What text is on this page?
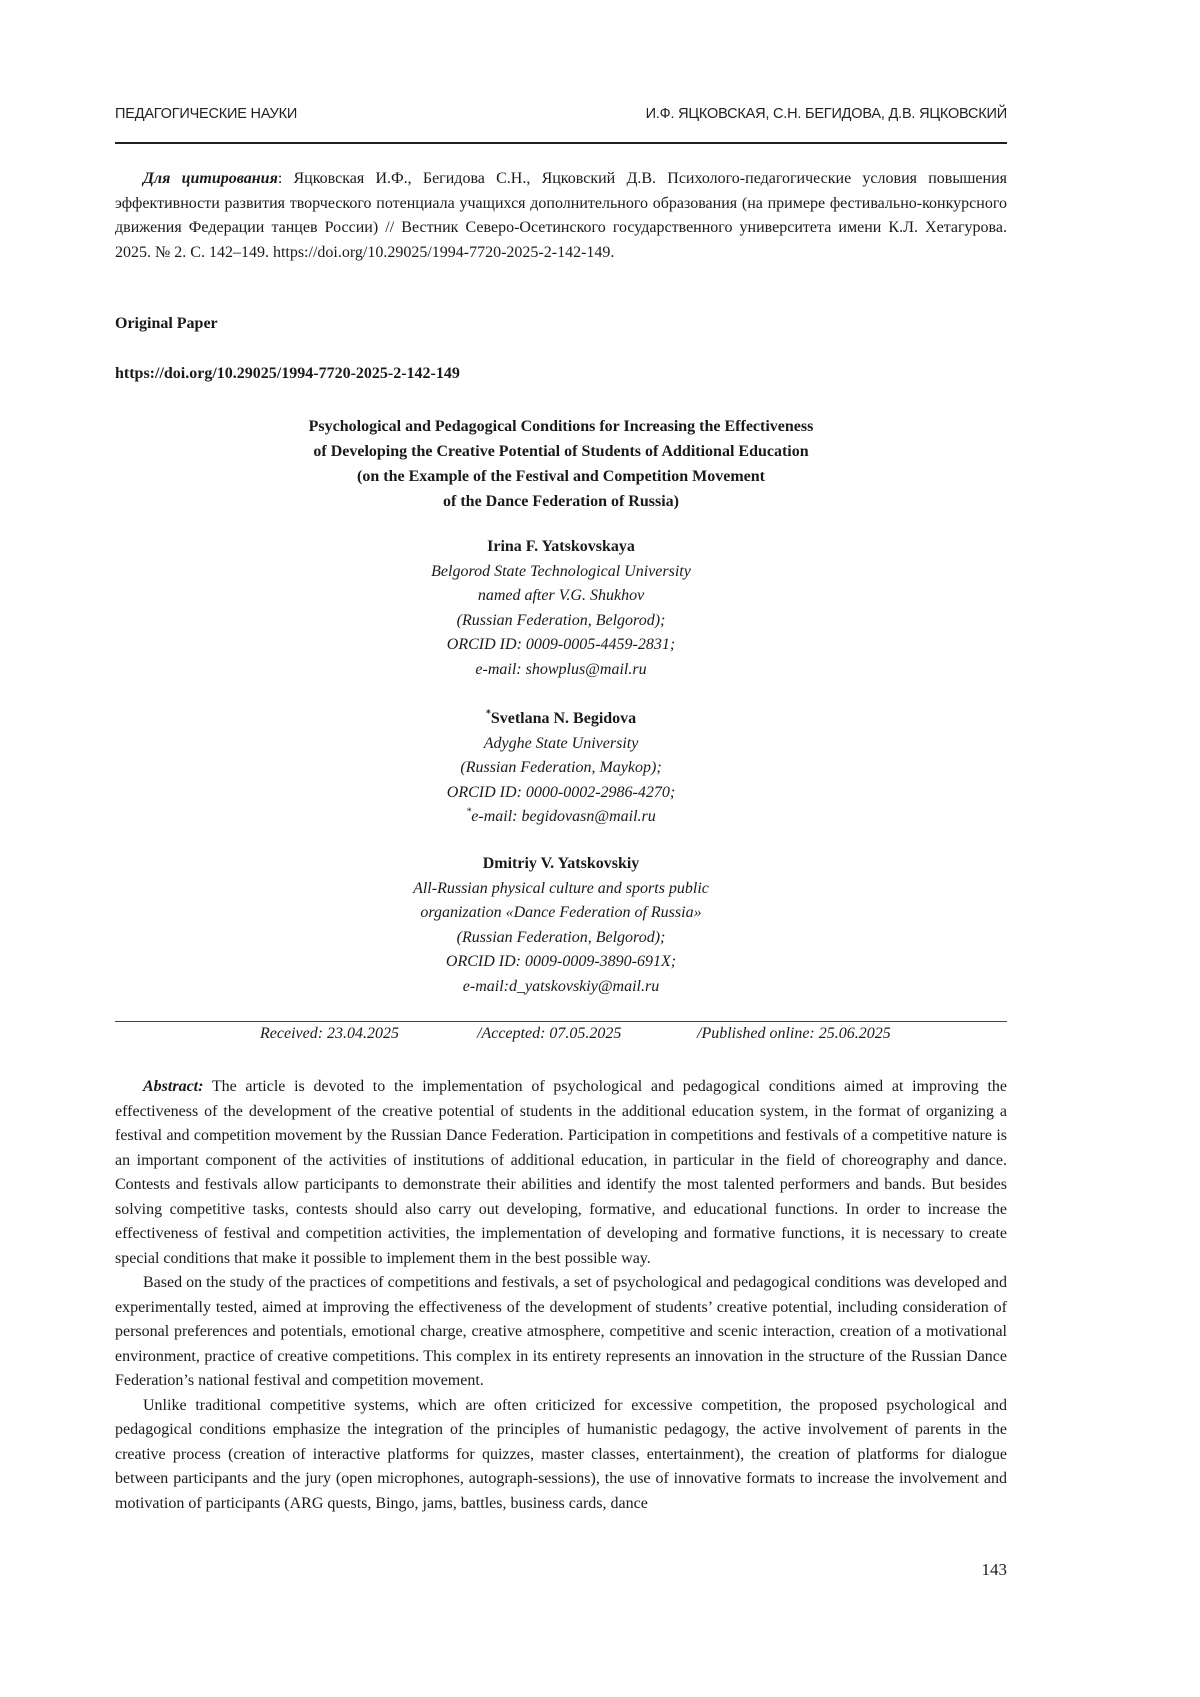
ПЕДАГОГИЧЕСКИЕ НАУКИ	И.Ф. ЯЦКОВСКАЯ, С.Н. БЕГИДОВА, Д.В. ЯЦКОВСКИЙ
Для цитирования: Яцковская И.Ф., Бегидова С.Н., Яцковский Д.В. Психолого-педагогические условия повышения эффективности развития творческого потенциала учащихся дополнительного образования (на примере фестивально-конкурсного движения Федерации танцев России) // Вестник Северо-Осетинского государственного университета имени К.Л. Хетагурова. 2025. № 2. С. 142–149. https://doi.org/10.29025/1994-7720-2025-2-142-149.
Original Paper
https://doi.org/10.29025/1994-7720-2025-2-142-149
Psychological and Pedagogical Conditions for Increasing the Effectiveness
of Developing the Creative Potential of Students of Additional Education
(on the Example of the Festival and Competition Movement
of the Dance Federation of Russia)
Irina F. Yatskovskaya
Belgorod State Technological University
named after V.G. Shukhov
(Russian Federation, Belgorod);
ORCID ID: 0009-0005-4459-2831;
e-mail: showplus@mail.ru
*Svetlana N. Begidova
Adyghe State University
(Russian Federation, Maykop);
ORCID ID: 0000-0002-2986-4270;
*e-mail: begidovasn@mail.ru
Dmitriy V. Yatskovskiy
All-Russian physical culture and sports public
organization «Dance Federation of Russia»
(Russian Federation, Belgorod);
ORCID ID: 0009-0009-3890-691X;
e-mail:d_yatskovskiy@mail.ru
Received: 23.04.2025	/Accepted: 07.05.2025	/Published online: 25.06.2025

Abstract: The article is devoted to the implementation of psychological and pedagogical conditions aimed at improving the effectiveness of the development of the creative potential of students in the additional education system, in the format of organizing a festival and competition movement by the Russian Dance Federation. Participation in competitions and festivals of a competitive nature is an important component of the activities of institutions of additional education, in particular in the field of choreography and dance. Contests and festivals allow participants to demonstrate their abilities and identify the most talented performers and bands. But besides solving competitive tasks, contests should also carry out developing, formative, and educational functions. In order to increase the effectiveness of festival and competition activities, the implementation of developing and formative functions, it is necessary to create special conditions that make it possible to implement them in the best possible way.

Based on the study of the practices of competitions and festivals, a set of psychological and pedagogical conditions was developed and experimentally tested, aimed at improving the effectiveness of the development of students’ creative potential, including consideration of personal preferences and potentials, emotional charge, creative atmosphere, competitive and scenic interaction, creation of a motivational environment, practice of creative competitions. This complex in its entirety represents an innovation in the structure of the Russian Dance Federation’s national festival and competition movement.

Unlike traditional competitive systems, which are often criticized for excessive competition, the proposed psychological and pedagogical conditions emphasize the integration of the principles of humanistic pedagogy, the active involvement of parents in the creative process (creation of interactive platforms for quizzes, master classes, entertainment), the creation of platforms for dialogue between participants and the jury (open microphones, autograph-sessions), the use of innovative formats to increase the involvement and motivation of participants (ARG quests, Bingo, jams, battles, business cards, dance

143
